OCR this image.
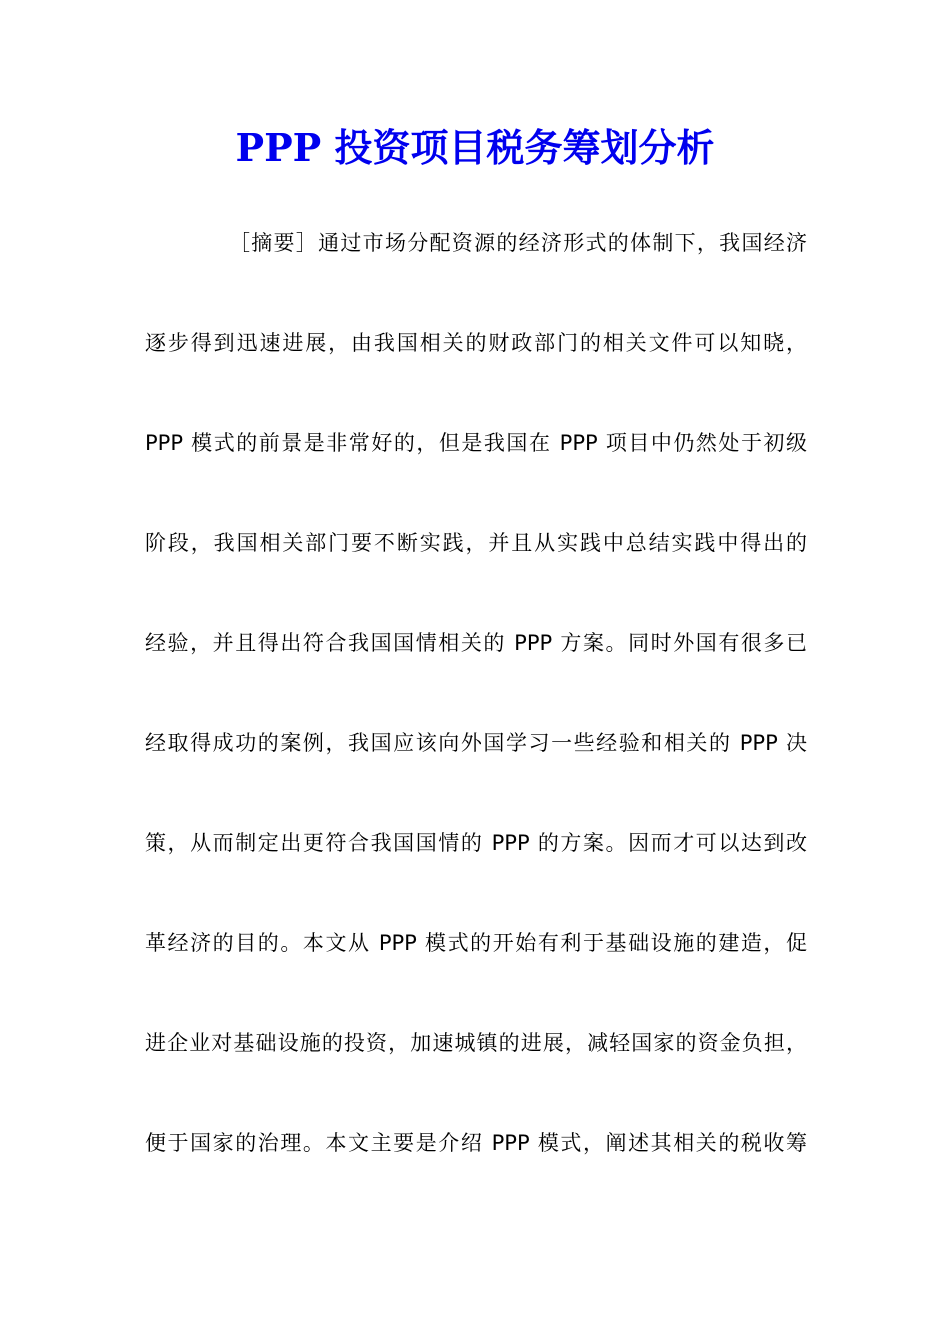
PPP 投资项目税务筹划分析
［摘要］通过市场分配资源的经济形式的体制下，我国经济
逐步得到迅速进展，由我国相关的财政部门的相关文件可以知晓，
PPP 模式的前景是非常好的，但是我国在 PPP 项目中仍然处于初级
阶段，我国相关部门要不断实践，并且从实践中总结实践中得出的
经验，并且得出符合我国国情相关的 PPP 方案。同时外国有很多已
经取得成功的案例，我国应该向外国学习一些经验和相关的 PPP 决
策，从而制定出更符合我国国情的 PPP 的方案。因而才可以达到改
革经济的目的。本文从 PPP 模式的开始有利于基础设施的建造，促
进企业对基础设施的投资，加速城镇的进展，减轻国家的资金负担，
便于国家的治理。本文主要是介绍 PPP 模式，阐述其相关的税收筹
